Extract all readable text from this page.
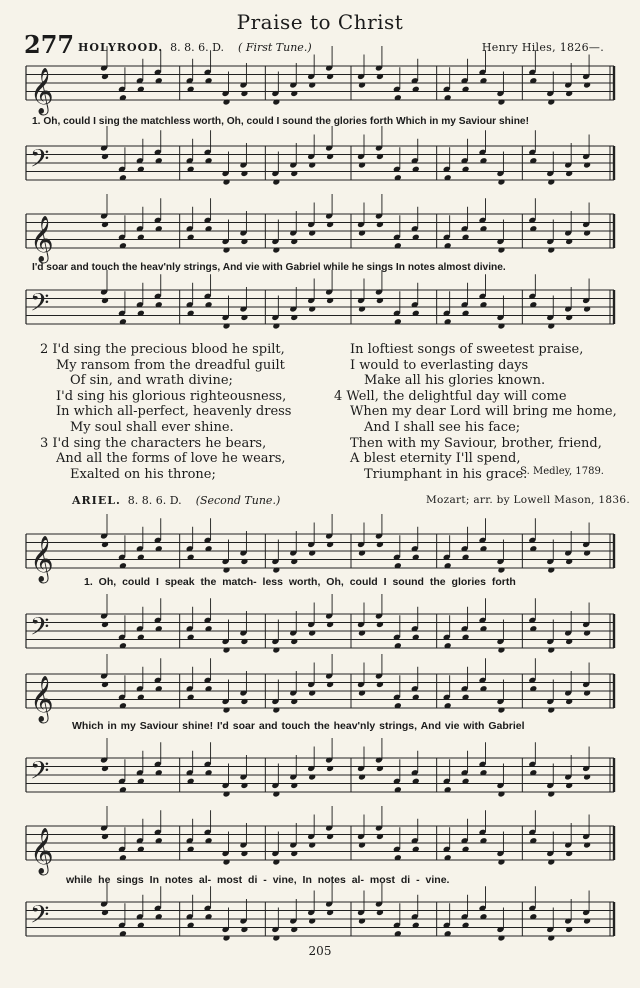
Praise to Christ
277 HOLYROOD. 8. 8. 6. D. ( First Tune.)	Henry Hiles, 1826—.
𝄞
1. Oh, could I sing the matchless worth, Oh, could I sound the glories forth Which in my Saviour shine!
𝄢
𝄞
I'd soar and touch the heav'nly strings, And vie with Gabriel while he sings In notes almost divine.
𝄢

2 I'd sing the precious blood he spilt,

My ransom from the dreadful guilt

Of sin, and wrath divine;

I'd sing his glorious righteousness,

In which all-perfect, heavenly dress

My soul shall ever shine.

3 I'd sing the characters he bears,

And all the forms of love he wears,

Exalted on his throne;

In loftiest songs of sweetest praise,

I would to everlasting days

Make all his glories known.

4 Well, the delightful day will come

When my dear Lord will bring me home,

And I shall see his face;

Then with my Saviour, brother, friend,

A blest eternity I'll spend,

Triumphant in his grace.

S. Medley, 1789.
ARIEL. 8. 8. 6. D. (Second Tune.)	Mozart; arr. by Lowell Mason, 1836.
𝄞	1. Oh, could I speak the match- less worth, Oh, could I sound the glories forth
𝄢
𝄞
Which in my Saviour shine! I'd soar and touch the heav'nly strings, And vie with Gabriel
𝄢
𝄞
while he sings In notes al- most di - vine, In notes al- most di - vine.
𝄢
205
